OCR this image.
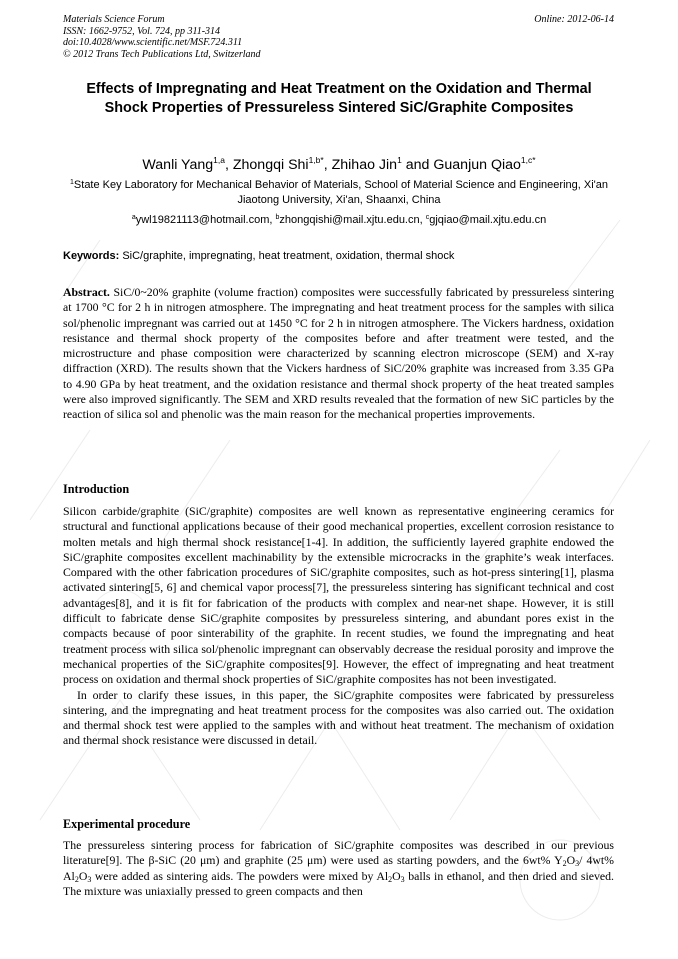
Materials Science Forum
ISSN: 1662-9752, Vol. 724, pp 311-314
doi:10.4028/www.scientific.net/MSF.724.311
© 2012 Trans Tech Publications Ltd, Switzerland
Online: 2012-06-14
Effects of Impregnating and Heat Treatment on the Oxidation and Thermal Shock Properties of Pressureless Sintered SiC/Graphite Composites
Wanli Yang$^{1,a}$, Zhongqi Shi$^{1,b*}$, Zhihao Jin$^1$ and Guanjun Qiao$^{1,c*}$
$^1$State Key Laboratory for Mechanical Behavior of Materials, School of Material Science and Engineering, Xi'an Jiaotong University, Xi'an, Shaanxi, China
$^a$ywl19821113@hotmail.com, $^b$zhongqishi@mail.xjtu.edu.cn, $^c$gjqiao@mail.xjtu.edu.cn
Keywords: SiC/graphite, impregnating, heat treatment, oxidation, thermal shock
Abstract. SiC/0~20% graphite (volume fraction) composites were successfully fabricated by pressureless sintering at 1700 °C for 2 h in nitrogen atmosphere. The impregnating and heat treatment process for the samples with silica sol/phenolic impregnant was carried out at 1450 °C for 2 h in nitrogen atmosphere. The Vickers hardness, oxidation resistance and thermal shock property of the composites before and after treatment were tested, and the microstructure and phase composition were characterized by scanning electron microscope (SEM) and X-ray diffraction (XRD). The results shown that the Vickers hardness of SiC/20% graphite was increased from 3.35 GPa to 4.90 GPa by heat treatment, and the oxidation resistance and thermal shock property of the heat treated samples were also improved significantly. The SEM and XRD results revealed that the formation of new SiC particles by the reaction of silica sol and phenolic was the main reason for the mechanical properties improvements.
Introduction

Silicon carbide/graphite (SiC/graphite) composites are well known as representative engineering ceramics for structural and functional applications because of their good mechanical properties, excellent corrosion resistance to molten metals and high thermal shock resistance[1-4]. In addition, the sufficiently layered graphite endowed the SiC/graphite composites excellent machinability by the extensible microcracks in the graphite’s weak interfaces. Compared with the other fabrication procedures of SiC/graphite composites, such as hot-press sintering[1], plasma activated sintering[5, 6] and chemical vapor process[7], the pressureless sintering has significant technical and cost advantages[8], and it is fit for fabrication of the products with complex and near-net shape. However, it is still difficult to fabricate dense SiC/graphite composites by pressureless sintering, and abundant pores exist in the compacts because of poor sinterability of the graphite. In recent studies, we found the impregnating and heat treatment process with silica sol/phenolic impregnant can observably decrease the residual porosity and improve the mechanical properties of the SiC/graphite composites[9]. However, the effect of impregnating and heat treatment process on oxidation and thermal shock properties of SiC/graphite composites has not been investigated.

In order to clarify these issues, in this paper, the SiC/graphite composites were fabricated by pressureless sintering, and the impregnating and heat treatment process for the composites was also carried out. The oxidation and thermal shock test were applied to the samples with and without heat treatment. The mechanism of oxidation and thermal shock resistance were discussed in detail.

Experimental procedure

The pressureless sintering process for fabrication of SiC/graphite composites was described in our previous literature[9]. The β-SiC (20 μm) and graphite (25 μm) were used as starting powders, and the 6wt% $Y_2O_3/$ 4wt% $Al_2O_3$ were added as sintering aids. The powders were mixed by $Al_2O_3$ balls in ethanol, and then dried and sieved. The mixture was uniaxially pressed to green compacts and then
